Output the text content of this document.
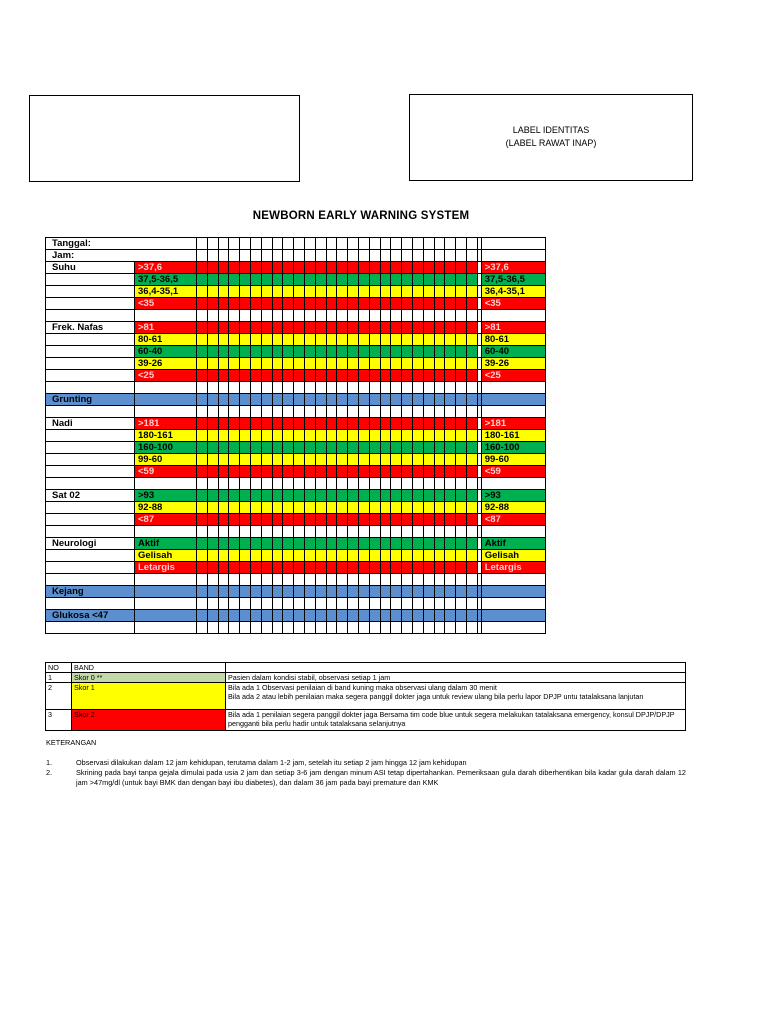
LABEL IDENTITAS
(LABEL RAWAT INAP)
NEWBORN EARLY WARNING SYSTEM
Tanggal:																													
Jam:																													
Suhu	>37,6																												>37,6
	37,5-36,5																												37,5-36,5
	36,4-35,1																												36,4-35,1
	<35																												<35

Frek. Nafas	>81																												>81
	80-61																												80-61
	60-40																												60-40
	39-26																												39-26
	<25																												<25

Grunting																													

Nadi	>181																												>181
	180-161																												180-161
	160-100																												160-100
	99-60																												99-60
	<59																												<59

Sat 02	>93																												>93
	92-88																												92-88
	<87																												<87

Neurologi	Aktif																												Aktif
	Gelisah																												Gelisah
	Letargis																												Letargis

Kejang																													

Glukosa <47																													

NO	BAND	
1	Skor 0 **	Pasien dalam kondisi stabil, observasi setiap 1 jam
2	Skor 1	Bila ada 1 Observasi penilaian di band kuning maka observasi ulang dalam 30 menit
Bila ada 2 atau lebih penilaian maka segera panggil dokter jaga untuk review ulang bila perlu lapor DPJP untu tatalaksana lanjutan

3	Skor 2	Bila ada 1 penilaian segera panggil dokter jaga Bersama tim code blue untuk segera melakukan tatalaksana emergency, konsul DPJP/DPJP pengganti bila perlu hadir untuk tatalaksana selanjutnya
KETERANGAN
1.	Observasi dilakukan dalam 12 jam kehidupan, terutama dalam 1-2 jam, setelah itu setiap 2 jam hingga 12 jam kehidupan

2.	Skrining pada bayi tanpa gejala dimulai pada usia 2 jam dan setiap 3-6 jam dengan minum ASI tetap dipertahankan. Pemeriksaan gula darah diberhentikan bila kadar gula darah dalam 12 jam >47mg/dl (untuk bayi BMK dan dengan bayi ibu diabetes), dan dalam 36 jam pada bayi premature dan KMK
